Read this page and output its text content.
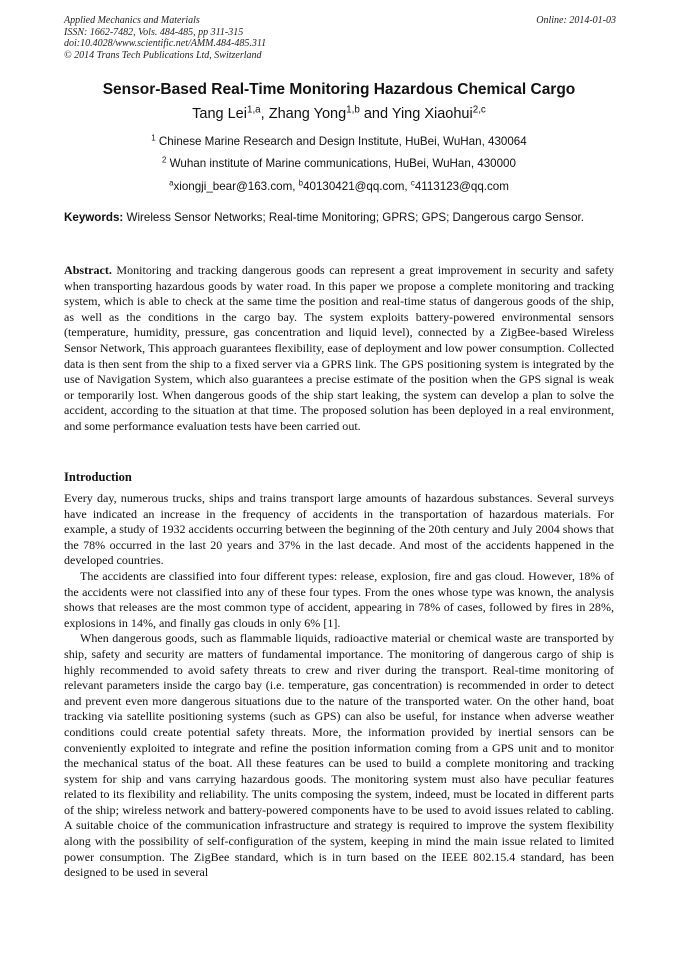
Applied Mechanics and Materials
ISSN: 1662-7482, Vols. 484-485, pp 311-315
doi:10.4028/www.scientific.net/AMM.484-485.311
© 2014 Trans Tech Publications Ltd, Switzerland
Online: 2014-01-03
Sensor-Based Real-Time Monitoring Hazardous Chemical Cargo
Tang Lei$^{1,a}$, Zhang Yong$^{1,b}$ and Ying Xiaohui$^{2,c}$
$^1$ Chinese Marine Research and Design Institute, HuBei, WuHan, 430064
$^2$ Wuhan institute of Marine communications, HuBei, WuHan, 430000
$^a$xiongji_bear@163.com, $^b$40130421@qq.com, $^c$4113123@qq.com
Keywords: Wireless Sensor Networks; Real-time Monitoring; GPRS; GPS; Dangerous cargo Sensor.
Abstract. Monitoring and tracking dangerous goods can represent a great improvement in security and safety when transporting hazardous goods by water road. In this paper we propose a complete monitoring and tracking system, which is able to check at the same time the position and real-time status of dangerous goods of the ship, as well as the conditions in the cargo bay. The system exploits battery-powered environmental sensors (temperature, humidity, pressure, gas concentration and liquid level), connected by a ZigBee-based Wireless Sensor Network, This approach guarantees flexibility, ease of deployment and low power consumption. Collected data is then sent from the ship to a fixed server via a GPRS link. The GPS positioning system is integrated by the use of Navigation System, which also guarantees a precise estimate of the position when the GPS signal is weak or temporarily lost. When dangerous goods of the ship start leaking, the system can develop a plan to solve the accident, according to the situation at that time. The proposed solution has been deployed in a real environment, and some performance evaluation tests have been carried out.
Introduction

Every day, numerous trucks, ships and trains transport large amounts of hazardous substances. Several surveys have indicated an increase in the frequency of accidents in the transportation of hazardous materials. For example, a study of 1932 accidents occurring between the beginning of the 20th century and July 2004 shows that the 78% occurred in the last 20 years and 37% in the last decade. And most of the accidents happened in the developed countries.

The accidents are classified into four different types: release, explosion, fire and gas cloud. However, 18% of the accidents were not classified into any of these four types. From the ones whose type was known, the analysis shows that releases are the most common type of accident, appearing in 78% of cases, followed by fires in 28%, explosions in 14%, and finally gas clouds in only 6% [1].

When dangerous goods, such as flammable liquids, radioactive material or chemical waste are transported by ship, safety and security are matters of fundamental importance. The monitoring of dangerous cargo of ship is highly recommended to avoid safety threats to crew and river during the transport. Real-time monitoring of relevant parameters inside the cargo bay (i.e. temperature, gas concentration) is recommended in order to detect and prevent even more dangerous situations due to the nature of the transported water. On the other hand, boat tracking via satellite positioning systems (such as GPS) can also be useful, for instance when adverse weather conditions could create potential safety threats. More, the information provided by inertial sensors can be conveniently exploited to integrate and refine the position information coming from a GPS unit and to monitor the mechanical status of the boat. All these features can be used to build a complete monitoring and tracking system for ship and vans carrying hazardous goods. The monitoring system must also have peculiar features related to its flexibility and reliability. The units composing the system, indeed, must be located in different parts of the ship; wireless network and battery-powered components have to be used to avoid issues related to cabling. A suitable choice of the communication infrastructure and strategy is required to improve the system flexibility along with the possibility of self-configuration of the system, keeping in mind the main issue related to limited power consumption. The ZigBee standard, which is in turn based on the IEEE 802.15.4 standard, has been designed to be used in several
